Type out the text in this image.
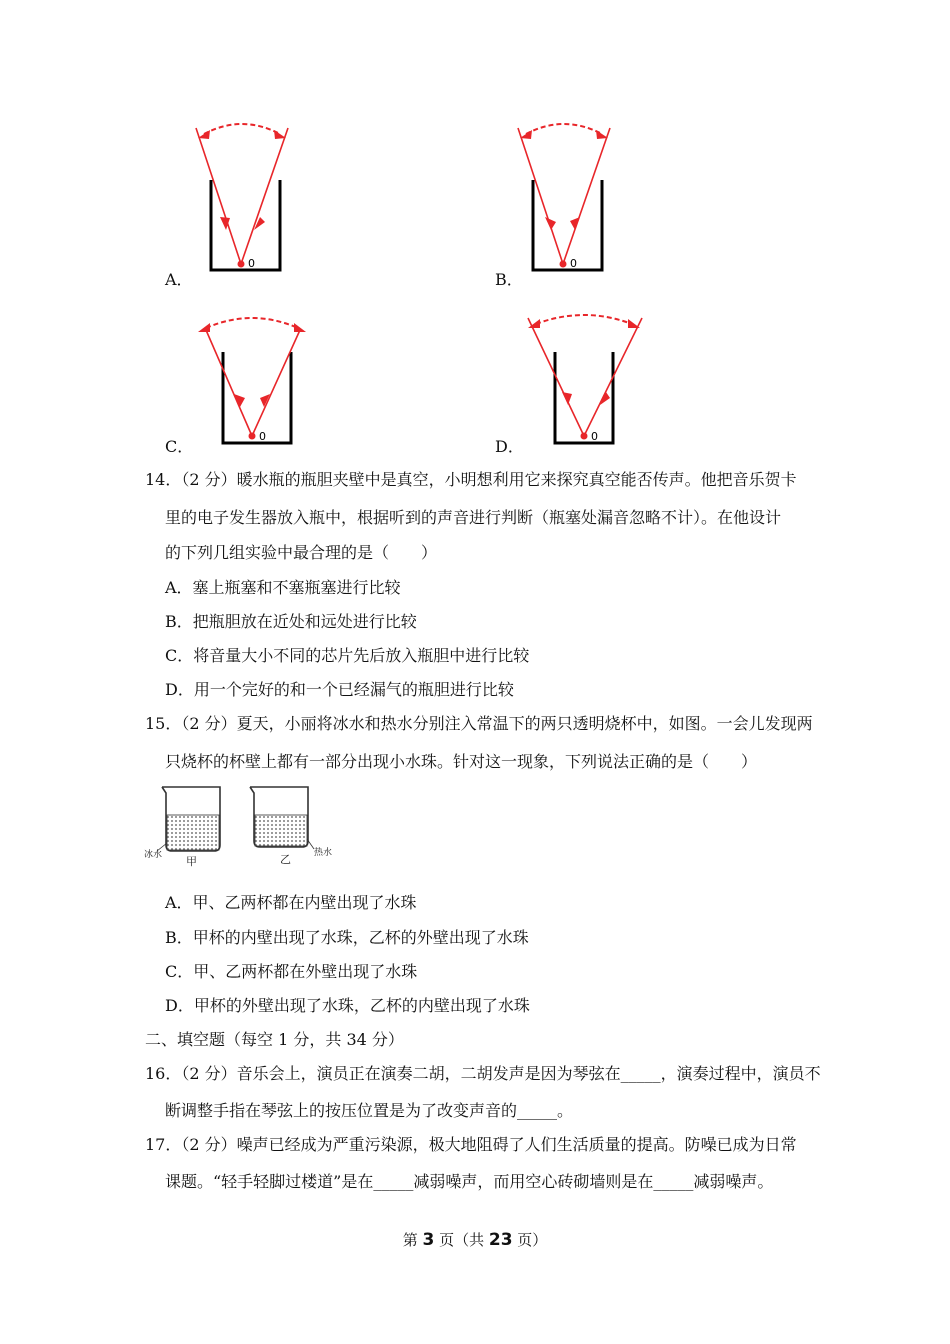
0
A．
0
B．
0
C．
0
D．
14．（2 分）暖水瓶的瓶胆夹壁中是真空，小明想利用它来探究真空能否传声。他把音乐贺卡
里的电子发生器放入瓶中，根据听到的声音进行判断（瓶塞处漏音忽略不计）。在他设计
的下列几组实验中最合理的是（　　）
A．塞上瓶塞和不塞瓶塞进行比较
B．把瓶胆放在近处和远处进行比较
C．将音量大小不同的芯片先后放入瓶胆中进行比较
D．用一个完好的和一个已经漏气的瓶胆进行比较
15．（2 分）夏天，小丽将冰水和热水分别注入常温下的两只透明烧杯中，如图。一会儿发现两
只烧杯的杯壁上都有一部分出现小水珠。针对这一现象，下列说法正确的是（　　）
冰水 甲	乙	热水
A．甲、乙两杯都在内壁出现了水珠
B．甲杯的内壁出现了水珠，乙杯的外壁出现了水珠
C．甲、乙两杯都在外壁出现了水珠
D．甲杯的外壁出现了水珠，乙杯的内壁出现了水珠
二、填空题（每空 1 分，共 34 分）
16．（2 分）音乐会上，演员正在演奏二胡，二胡发声是因为琴弦在_____，演奏过程中，演员不
断调整手指在琴弦上的按压位置是为了改变声音的_____。
17．（2 分）噪声已经成为严重污染源，极大地阻碍了人们生活质量的提高。防噪已成为日常
课题。“轻手轻脚过楼道”是在_____减弱噪声，而用空心砖砌墙则是在_____减弱噪声。
第 3 页（共 23 页）
